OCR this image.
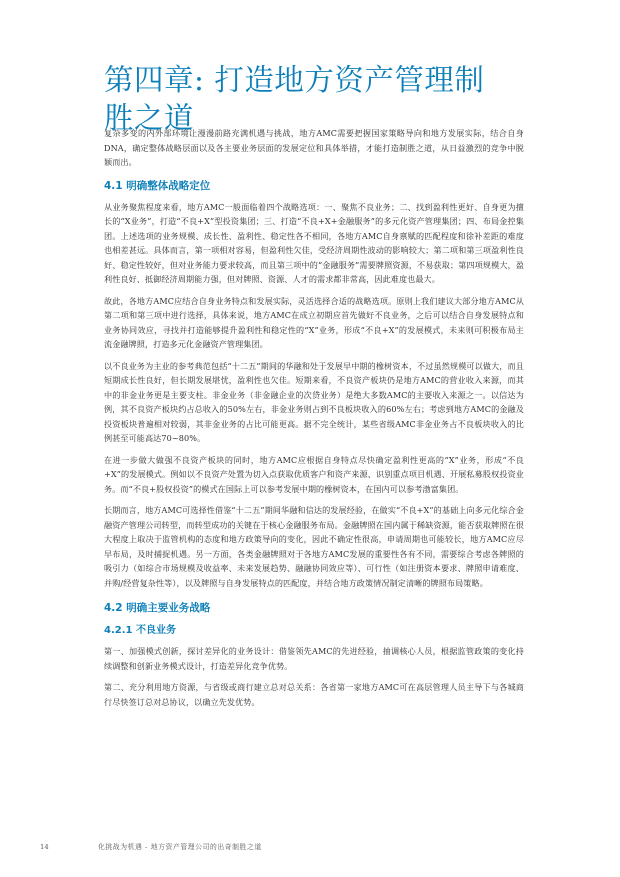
第四章: 打造地方资产管理制胜之道

复杂多变的内外部环境让漫漫前路充满机遇与挑战，地方AMC需要把握国家策略导向和地方发展实际，结合自身DNA，确定整体战略层面以及各主要业务层面的发展定位和具体举措，才能打造制胜之道，从日益激烈的竞争中脱颖而出。

4.1 明确整体战略定位

从业务聚焦程度来看，地方AMC一般面临着四个战略选项：一、聚焦不良业务；二、找到盈利性更好、自身更为擅长的“X业务”，打造“不良+X”型投资集团；三、打造“不良+X+金融服务”的多元化资产管理集团；四、布局金控集团。上述选项的业务规模、成长性、盈利性、稳定性各不相同，各地方AMC自身禀赋的匹配程度和徐补差距的难度也相差甚远。具体而言，第一项相对容易，但盈利性欠佳，受经济周期性波动的影响较大；第二项和第三项盈利性良好、稳定性较好，但对业务能力要求较高，而且第三项中的“金融服务”需要牌照资源，不易获取；第四项规模大，盈利性良好、抵御经济周期能力强，但对牌照、资源、人才的需求都非常高，因此难度也最大。

故此，各地方AMC应结合自身业务特点和发展实际，灵活选择合适的战略选项。原则上我们建议大部分地方AMC从第二项和第三项中进行选择，具体来说，地方AMC在成立初期应首先做好不良业务，之后可以结合自身发展特点和业务协同效应，寻找并打造能够提升盈利性和稳定性的“X”业务，形成“不良+X”的发展模式，未来则可积极布局主流金融牌照，打造多元化金融资产管理集团。

以不良业务为主业的参考典范包括“十二五”期间的华融和处于发展早中期的橡树资本，不过虽然规模可以做大，而且短期成长性良好，但长期发展堪忧，盈利性也欠佳。短期来看，不良资产板块仍是地方AMC的营业收入来源，而其中的非金业务更是主要支柱。非金业务（非金融企业的次贷业务）是绝大多数AMC的主要收入来源之一。以信达为例，其不良资产板块约占总收入的50%左右，非金业务则占到不良板块收入的60%左右；考虑到地方AMC的金融及投资板块普遍相对较弱，其非金业务的占比可能更高。据不完全统计，某些省级AMC非金业务占不良板块收入的比例甚至可能高达70~80%。

在进一步做大做强不良资产板块的同时，地方AMC应根据自身特点尽快确定盈利性更高的“X”业务，形成“不良+X”的发展模式。例如以不良资产处置为切入点获取优质客户和资产来源、识别重点项目机遇、开展私募股权投资业务。而“不良+股权投资”的模式在国际上可以参考发展中期的橡树资本，在国内可以参考渤富集团。

长期而言，地方AMC可选择性借鉴“十二五”期间华融和信达的发展经验，在做实“不良+X”的基础上向多元化综合金融资产管理公司转型，而转型成功的关键在于核心金融服务布局。金融牌照在国内属于稀缺资源，能否获取牌照在很大程度上取决于监管机构的态度和地方政策导向的变化，因此不确定性很高，申请周期也可能较长，地方AMC应尽早布局，及时捕捉机遇。另一方面，各类金融牌照对于各地方AMC发展的重要性各有不同，需要综合考虑各牌照的吸引力（如综合市场规模及收益率、未来发展趋势、融融协同效应等）、可行性（如注册资本要求、牌照申请难度、并购/经营复杂性等），以及牌照与自身发展特点的匹配度，并结合地方政策情况制定清晰的牌照布局策略。

4.2 明确主要业务战略
4.2.1 不良业务

第一、加强模式创新，探讨差异化的业务设计：借鉴领先AMC的先进经验，抽调核心人员，根据监管政策的变化持续调整和创新业务模式设计，打造差异化竞争优势。

第二、充分利用地方资源，与省级或商行建立总对总关系：各省第一家地方AMC可在高层管理人员主导下与各城商行尽快签订总对总协议，以确立先发优势。

14	化挑战为机遇 - 地方资产管理公司的出奇制胜之道
